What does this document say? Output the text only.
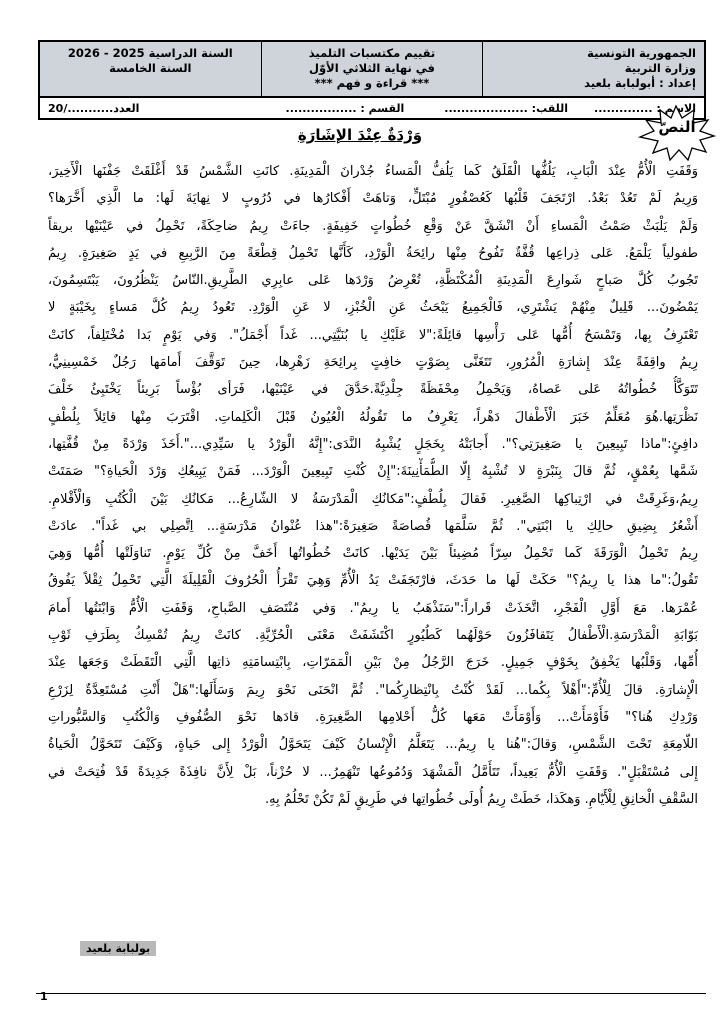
الجمهورية التونسية
وزارة التربية
إعداد : أبولبابة بلعيد
تقييم مكتسبات التلميذ
في نهاية الثلاثي الأوّل
*** قراءة و فهم ***
السنة الدراسية 2025 - 2026
السنة الخامسة
الاسم : ..............
اللقب: ....................
القسم : .................
العدد.........../20
النصّ
وَرْدَةٌ عِنْدَ الإشَارَةِ
وَقَفَتِ الْأُمُّ عِنْدَ الْبَابِ، يَلُفُّها الْقَلَقُ كَما يَلُفُّ الْمَساءُ جُدْرانَ الْمَدِينَةِ. كانَتِ الشَّمْسُ قَدْ أَغْلَقَتْ جَفْنَها الْأَخِيرَ،
وَرِيمُ لَمْ تَعُدْ بَعْدُ. ارْتَجَفَ قَلْبُها كَعُصْفُورٍ مُبْتَلٍّ، وَتاهَتْ أَفْكارُها في دُرُوبٍ لا نِهايَةَ لَها: ما الَّذِي أَخَّرَها؟
وَلَمْ يَلْبَثْ صَمْتُ الْمَساءِ أَنْ انْشَقَّ عَنْ وَقْعِ خُطُواتٍ خَفِيفَةٍ. جاءَتْ رِيمُ ضاحِكَةً، تَحْمِلُ في عَيْنَيْها بريقاً
طفولياً يَلْمَعُ. عَلى ذِراعِها قُفَّةٌ تَفُوحُ مِنْها رائِحَةُ الْوَرْدِ، كَأَنَّها تَحْمِلُ قِطْعَةً مِنَ الرَّبِيعِ في يَدٍ صَغِيرَةٍ. رِيمُ
تَجُوبُ كُلَّ صَباحٍ شَوارِعَ الْمَدِينَةِ الْمُكْتَظَّةِ، تُعْرِضُ وَرْدَها عَلى عابِرِي الطَّرِيقِ.النّاسُ يَنْظُرُونَ، يَبْتَسِمُونَ،
يَمْضُونَ... قَلِيلٌ مِنْهُمْ يَشْتَرِي، فَالْجَمِيعُ يَبْحَثُ عَنِ الْخُبْزِ، لا عَنِ الْوَرْدِ. تَعُودُ رِيمُ كُلَّ مَساءٍ بِخَيْبَةٍ لا
تَعْتَرِفُ بِها، وَتَمْسَحُ أُمُّها عَلى رَأْسِها قائِلَةً:"لا عَلَيْكِ يا بُنَيَّتِي... غَداً أَجْمَلُ". وَفي يَوْمٍ بَدا مُخْتَلِفاً، كانَتْ
رِيمُ واقِفَةً عِنْدَ إِشارَةِ الْمُرُورِ، تَتَغَنَّى بِصَوْتٍ خافِتٍ بِرائِحَةِ زَهْرِها، حِينَ تَوَقَّفَ أَمامَها رَجُلٌ خَمْسِينِيٌّ،
تَتَوَكَّأُ خُطُواتُهُ عَلى عَصاهُ، وَيَحْمِلُ مِحْفَظَةً جِلْدِيَّةً.حَدَّقَ في عَيْنَيْها، فَرَأى بُؤْساً بَرِيئاً يَخْتَبِئُ خَلْفَ
نَظْرَتِها.هُوَ مُعَلِّمٌ خَبَرَ الْأَطْفالَ دَهْراً، يَعْرِفُ ما تَقُولُهُ الْعُيُونُ قَبْلَ الْكَلِماتِ. اقْتَرَبَ مِنْها قائِلاً بِلُطْفٍ
دافِئٍ:"ماذا تَبِيعِينَ يا صَغِيرَتِي؟". أَجابَتْهُ بِخَجَلٍ يُشْبِهُ النَّدَى:"إِنَّهُ الْوَرْدُ يا سَيِّدِي...".أَخَذَ وَرْدَةً مِنْ قُفَّتِها،
شَمَّها بِعُمْقٍ، ثُمَّ قالَ بِنَبْرَةٍ لا تُشْبِهُ إِلّا الطُّمَأْنِينَةَ:"إِنْ كُنْتِ تَبِيعِينَ الْوَرْدَ... فَمَنْ يَبِيعُكِ وَرْدَ الْحَياةِ؟" صَمَتَتْ
رِيمُ،وَغَرِقَتْ في ارْتِباكِها الصَّغِيرِ. فَقالَ بِلُطْفٍ:"مَكانُكِ الْمَدْرَسَةُ لا الشّارِعُ... مَكانُكِ بَيْنَ الْكُتُبِ وَالْأَقْلامِ.
أَشْعُرُ بِضِيقِ حالِكِ يا ابْنَتِي". ثُمَّ سَلَّمَها قُصاصَةً صَغِيرَةً:"هذا عُنْوانُ مَدْرَسَةٍ... اِتَّصِلِي بي غَداً". عادَتْ
رِيمُ تَحْمِلُ الْوَرَقَةَ كَما تَحْمِلُ سِرّاً مُضِيئاً بَيْنَ يَدَيْها. كانَتْ خُطُواتُها أَخَفَّ مِنْ كُلِّ يَوْمٍ. تَناوَلَتْها أُمُّها وَهِيَ
تَقُولُ:"ما هذا يا رِيمُ؟" حَكَتْ لَها ما حَدَثَ، فارْتَجَفَتْ يَدُ الْأُمِّ وَهِيَ تَقْرَأُ الْحُرُوفَ الْقَلِيلَةَ الَّتِي تَحْمِلُ ثِقْلاً يَفُوقُ
عُمْرَها. مَعَ أَوَّلِ الْفَجْرِ، اتَّخَذَتْ قَراراً:"سَنَذْهَبُ يا رِيمُ". وَفي مُنْتَصَفِ الصَّباحِ، وَقَفَتِ الْأُمُّ وَابْنَتُها أَمامَ
بَوّابَةِ الْمَدْرَسَةِ.الْأَطْفالُ يَتَقافَزُونَ حَوْلَهُما كَطُيُورٍ اكْتَشَفَتْ مَعْنَى الْحُرِّيَّةِ. كانَتْ رِيمُ تُمْسِكُ بِطَرَفِ ثَوْبِ
أُمِّها، وَقَلْبُها يَخْفِقُ بِخَوْفٍ جَمِيلٍ. خَرَجَ الرَّجُلُ مِنْ بَيْنِ الْمَمَرّاتِ، بِابْتِسامَتِهِ ذاتِها الَّتِي الْتَقَطَتْ وَجَعَها عِنْدَ
الْإِشارَةِ. قالَ لِلْأُمِّ:"أَهْلاً بِكُما... لَقَدْ كُنْتُ بِانْتِظارِكُما". ثُمَّ انْحَنَى نَحْوَ رِيمَ وَسَأَلَها:"هَلْ أَنْتِ مُسْتَعِدَّةٌ لِزَرْعِ
وَرْدِكِ هُنا؟" فَأَوْمَأَتْ... وَأَوْمَأَتْ مَعَها كُلُّ أَحْلامِها الصَّغِيرَةِ. قادَها نَحْوَ الصُّفُوفِ وَالْكُتُبِ وَالسَّبُّوراتِ
اللّامِعَةِ تَحْتَ الشَّمْسِ، وَقالَ:"هُنا يا رِيمُ... يَتَعَلَّمُ الْإِنْسانُ كَيْفَ يَتَحَوَّلُ الْوَرْدُ إِلى حَياةٍ، وَكَيْفَ تَتَحَوَّلُ الْحَياةُ
إِلى مُسْتَقْبَلٍ". وَقَفَتِ الْأُمُّ بَعِيداً، تَتَأَمَّلُ الْمَشْهَدَ وَدُمُوعُها تَنْهَمِرُ... لا حُزْناً، بَلْ لِأَنَّ نافِذَةً جَدِيدَةً قَدْ فُتِحَتْ في
السَّقْفِ الْخانِقِ لِلْأَيّامِ. وَهكَذا، خَطَتْ رِيمُ أُولَى خُطُواتِها في طَرِيقٍ لَمْ تَكُنْ تَحْلُمُ بِهِ.
بولبابة بلعيد
1
